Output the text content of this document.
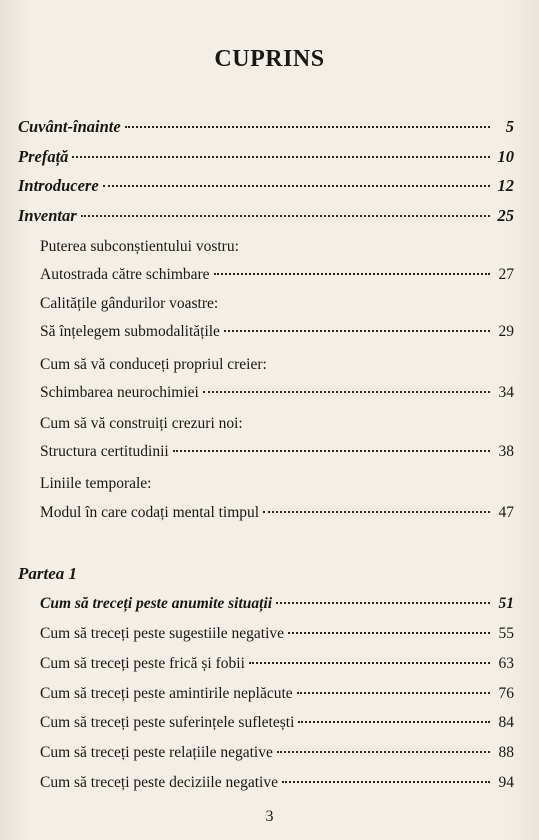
CUPRINS
Cuvânt-înainte	5
Prefață	10
Introducere	12
Inventar	25
Puterea subconștientului vostru:
Autostrada către schimbare	27
Calitățile gândurilor voastre:
Să înțelegem submodalitățile	29
Cum să vă conduceți propriul creier:
Schimbarea neurochimiei	34
Cum să vă construiți crezuri noi:
Structura certitudinii	38
Liniile temporale:
Modul în care codați mental timpul	47
Partea 1
Cum să treceți peste anumite situații	51
Cum să treceți peste sugestiile negative	55
Cum să treceți peste frică și fobii	63
Cum să treceți peste amintirile neplăcute	76
Cum să treceți peste suferințele sufletești	84
Cum să treceți peste relațiile negative	88
Cum să treceți peste deciziile negative	94
3
